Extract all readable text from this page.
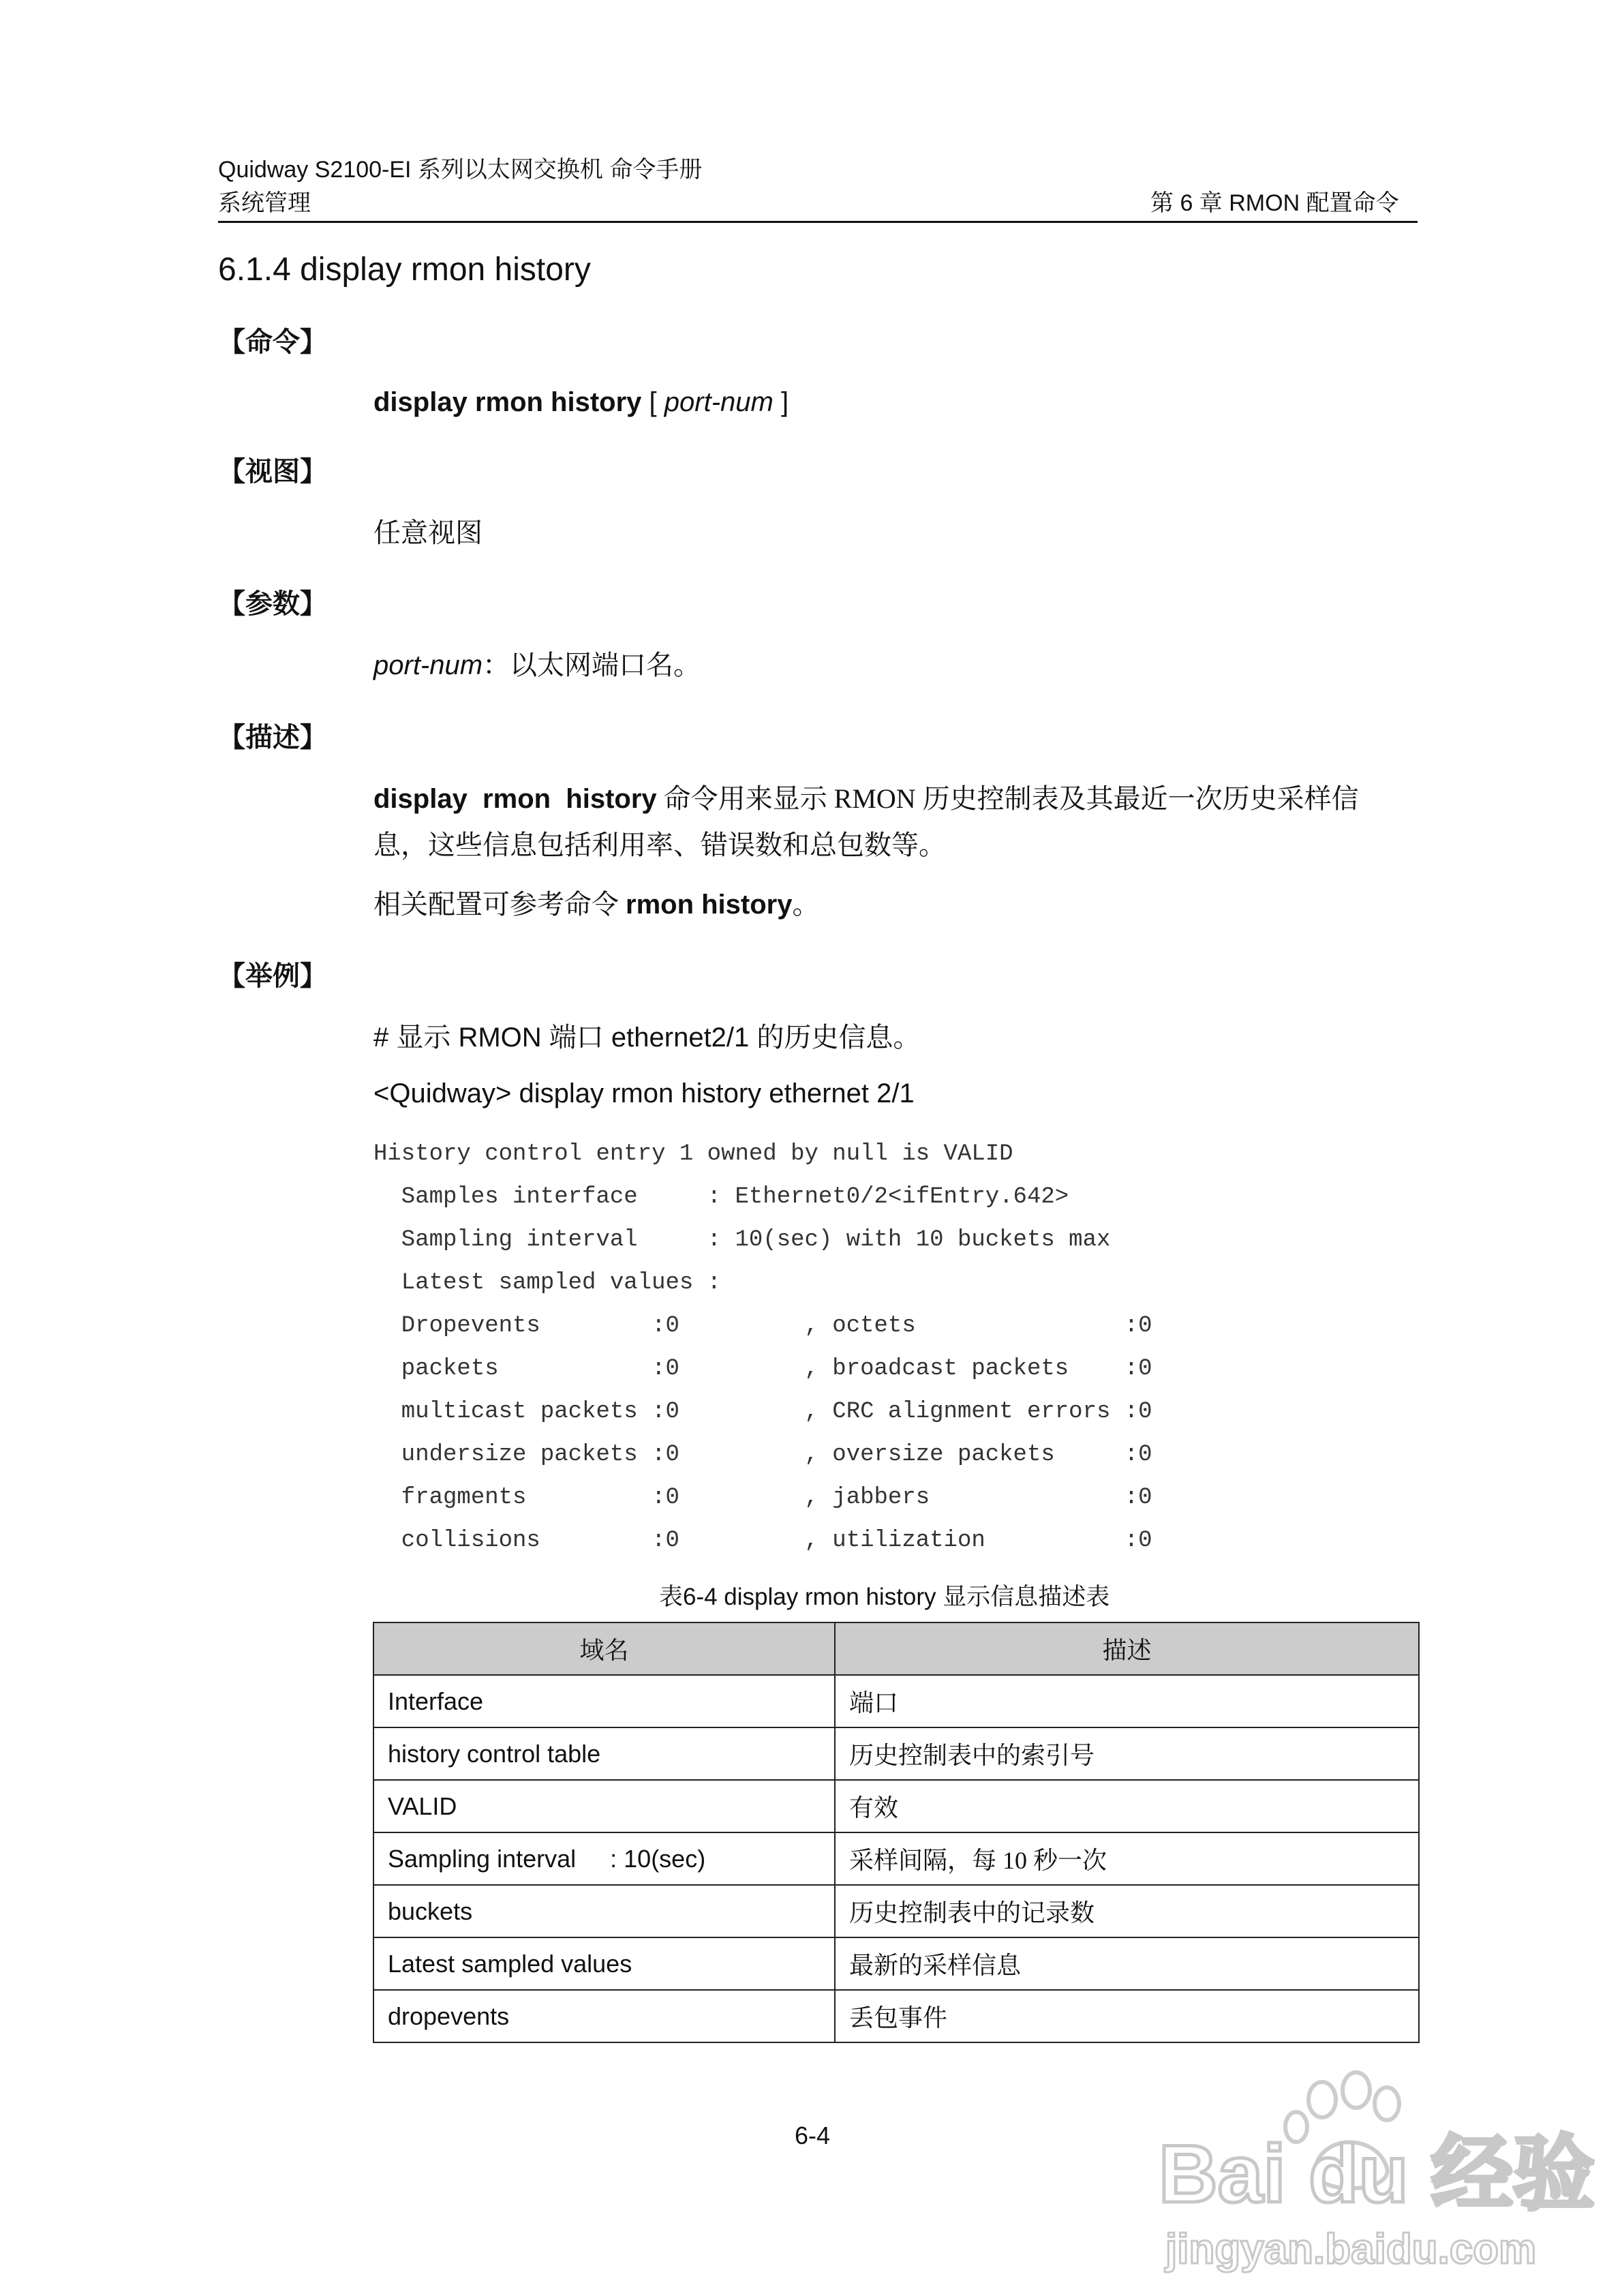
Quidway S2100-EI 系列以太网交换机 命令手册
系统管理	第 6 章 RMON 配置命令
6.1.4 display rmon history
【命令】
display rmon history [ port-num ]
【视图】
任意视图
【参数】
port-num：以太网端口名。
【描述】
display  rmon  history 命令用来显示 RMON 历史控制表及其最近一次历史采样信
息，这些信息包括利用率、错误数和总包数等。
相关配置可参考命令 rmon history。
【举例】
# 显示 RMON 端口 ethernet2/1 的历史信息。
<Quidway> display rmon history ethernet 2/1
History control entry 1 owned by null is VALID
Samples interface     : Ethernet0/2<ifEntry.642>
Sampling interval     : 10(sec) with 10 buckets max
Latest sampled values :
Dropevents        :0         , octets               :0
packets           :0         , broadcast packets    :0
multicast packets :0         , CRC alignment errors :0
undersize packets :0         , oversize packets     :0
fragments         :0         , jabbers              :0
collisions        :0         , utilization          :0
表6-4 display rmon history 显示信息描述表
域名	描述
Interface	端口
history control table	历史控制表中的索引号
VALID	有效
Sampling interval     : 10(sec)	采样间隔，每 10 秒一次
buckets	历史控制表中的记录数
Latest sampled values	最新的采样信息
dropevents	丢包事件
6-4	Bai du 经验
jingyan.baidu.com
